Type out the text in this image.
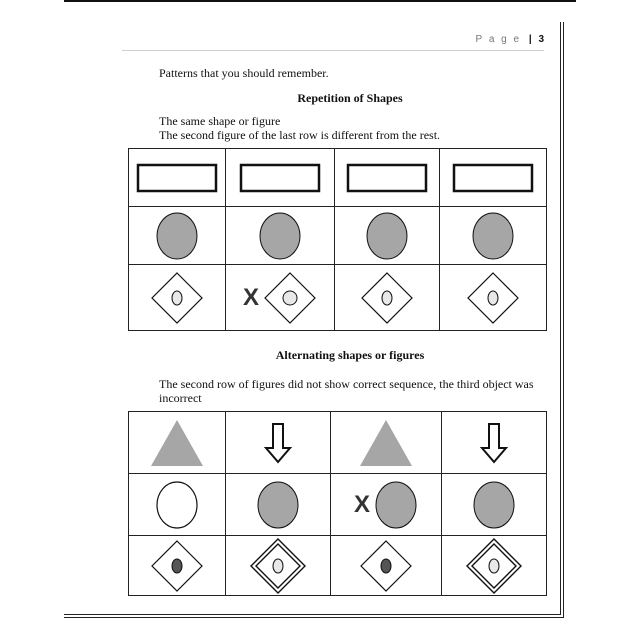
P a g e | 3
Patterns that you should remember.
Repetition of Shapes
The same shape or figure
The second figure of the last row is different from the rest.

X

Alternating shapes or figures
The second row of figures did not show correct sequence, the third object was incorrect

X
